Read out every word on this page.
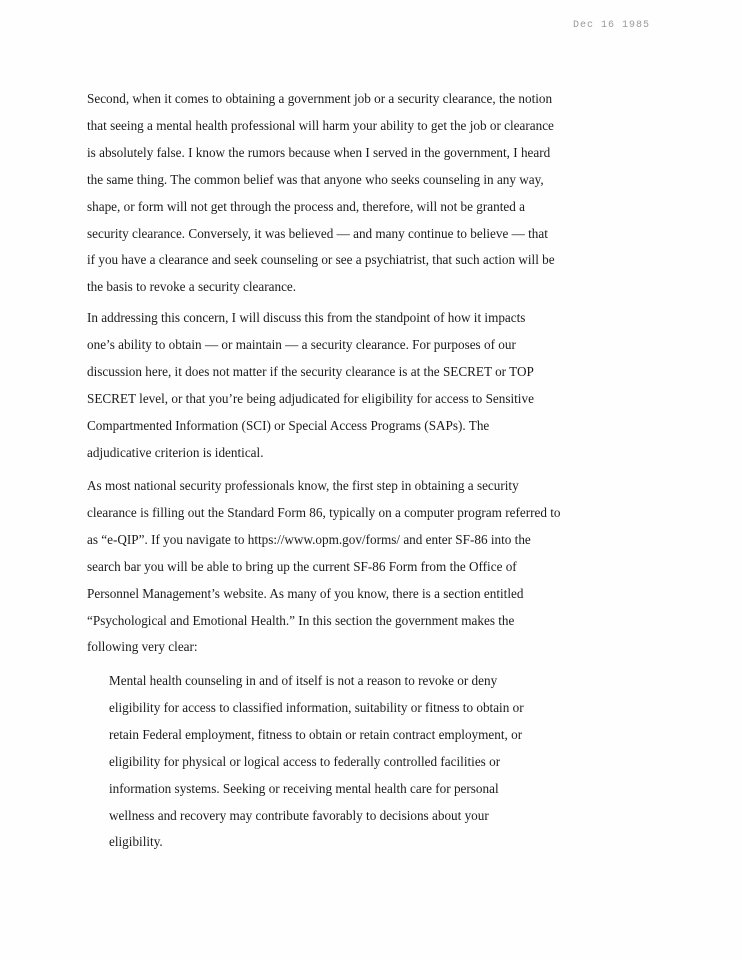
Dec 16 1985

Second, when it comes to obtaining a government job or a security clearance, the notion
that seeing a mental health professional will harm your ability to get the job or clearance
is absolutely false. I know the rumors because when I served in the government, I heard
the same thing. The common belief was that anyone who seeks counseling in any way,
shape, or form will not get through the process and, therefore, will not be granted a
security clearance. Conversely, it was believed — and many continue to believe — that
if you have a clearance and seek counseling or see a psychiatrist, that such action will be
the basis to revoke a security clearance.

In addressing this concern, I will discuss this from the standpoint of how it impacts
one’s ability to obtain — or maintain — a security clearance. For purposes of our
discussion here, it does not matter if the security clearance is at the SECRET or TOP
SECRET level, or that you’re being adjudicated for eligibility for access to Sensitive
Compartmented Information (SCI) or Special Access Programs (SAPs). The
adjudicative criterion is identical.

As most national security professionals know, the first step in obtaining a security
clearance is filling out the Standard Form 86, typically on a computer program referred to
as “e-QIP”. If you navigate to https://www.opm.gov/forms/ and enter SF-86 into the
search bar you will be able to bring up the current SF-86 Form from the Office of
Personnel Management’s website. As many of you know, there is a section entitled
“Psychological and Emotional Health.” In this section the government makes the
following very clear:

Mental health counseling in and of itself is not a reason to revoke or deny
eligibility for access to classified information, suitability or fitness to obtain or
retain Federal employment, fitness to obtain or retain contract employment, or
eligibility for physical or logical access to federally controlled facilities or
information systems. Seeking or receiving mental health care for personal
wellness and recovery may contribute favorably to decisions about your
eligibility.
